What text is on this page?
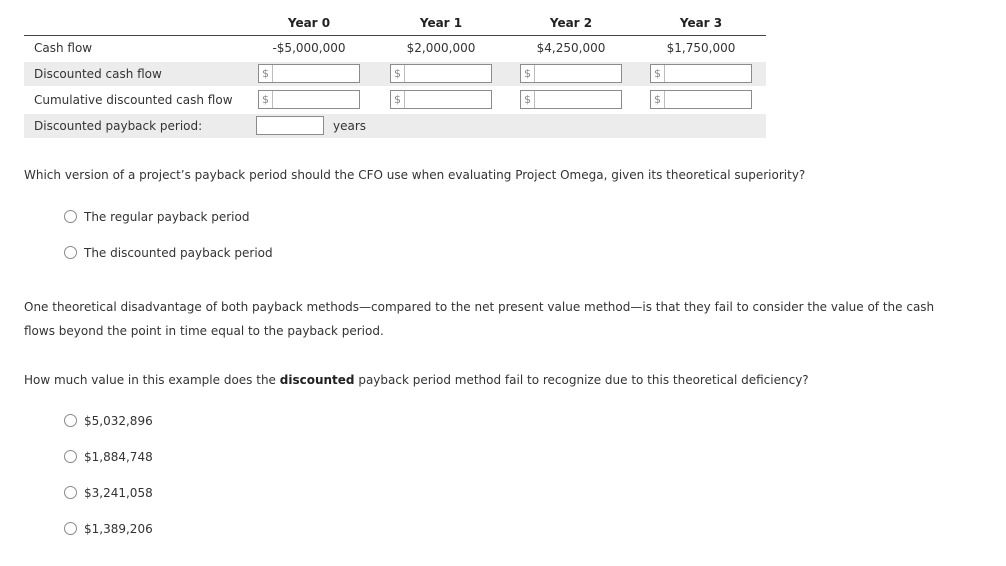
Year 0	Year 1	Year 2	Year 3
Cash flow	-$5,000,000	$2,000,000	$4,250,000	$1,750,000
Discounted cash flow	$	$	$	$
Cumulative discounted cash flow	$	$	$	$
Discounted payback period:	years
Which version of a project’s payback period should the CFO use when evaluating Project Omega, given its theoretical superiority?
The regular payback period
The discounted payback period
One theoretical disadvantage of both payback methods—compared to the net present value method—is that they fail to consider the value of the cash
flows beyond the point in time equal to the payback period.
How much value in this example does the discounted payback period method fail to recognize due to this theoretical deficiency?
$5,032,896
$1,884,748
$3,241,058
$1,389,206
